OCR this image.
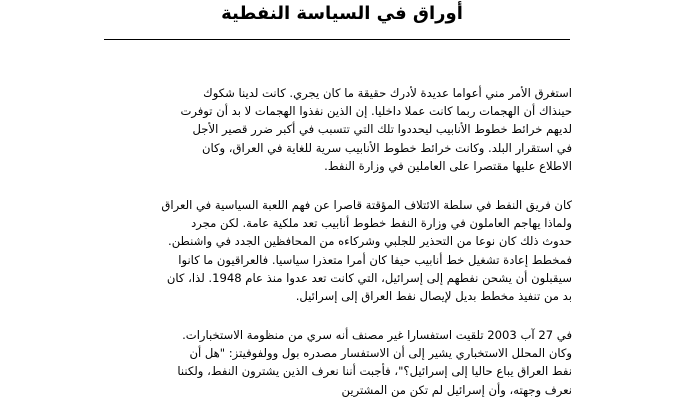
أوراق في السياسة النفطية

استغرق الأمر مني أعواما عديدة لأدرك حقيقة ما كان يجري. كانت لدينا شكوك
حينذاك أن الهجمات ربما كانت عملا داخليا. إن الذين نفذوا الهجمات لا بد أن توفرت
لديهم خرائط خطوط الأنابيب ليحددوا تلك التي تتسبب في أكبر ضرر قصير الأجل
في استقرار البلد. وكانت خرائط خطوط الأنابيب سرية للغاية في العراق، وكان
الاطلاع عليها مقتصرا على العاملين في وزارة النفط.

كان فريق النفط في سلطة الائتلاف المؤقتة قاصرا عن فهم اللعبة السياسية في العراق
ولماذا يهاجم العاملون في وزارة النفط خطوط أنابيب تعد ملكية عامة. لكن مجرد
حدوث ذلك كان نوعا من التحذير للجلبي وشركاءه من المحافظين الجدد في واشنطن.
فمخطط إعادة تشغيل خط أنابيب حيفا كان أمرا متعذرا سياسيا. فالعراقيون ما كانوا
سيقبلون أن يشحن نفطهم إلى إسرائيل، التي كانت تعد عدوا منذ عام 1948. لذا، كان
بد من تنفيذ مخطط بديل لإيصال نفط العراق إلى إسرائيل.

في 27 آب 2003 تلقيت استفسارا غير مصنف أنه سري من منظومة الاستخبارات.
وكان المحلل الاستخباري يشير إلى أن الاستفسار مصدره بول وولفوفيتز: "هل أن
نفط العراق يباع حاليا إلى إسرائيل؟"، فأجبت أننا نعرف الذين يشترون النفط، ولكننا
نعرف وجهته، وأن إسرائيل لم تكن من المشترين
